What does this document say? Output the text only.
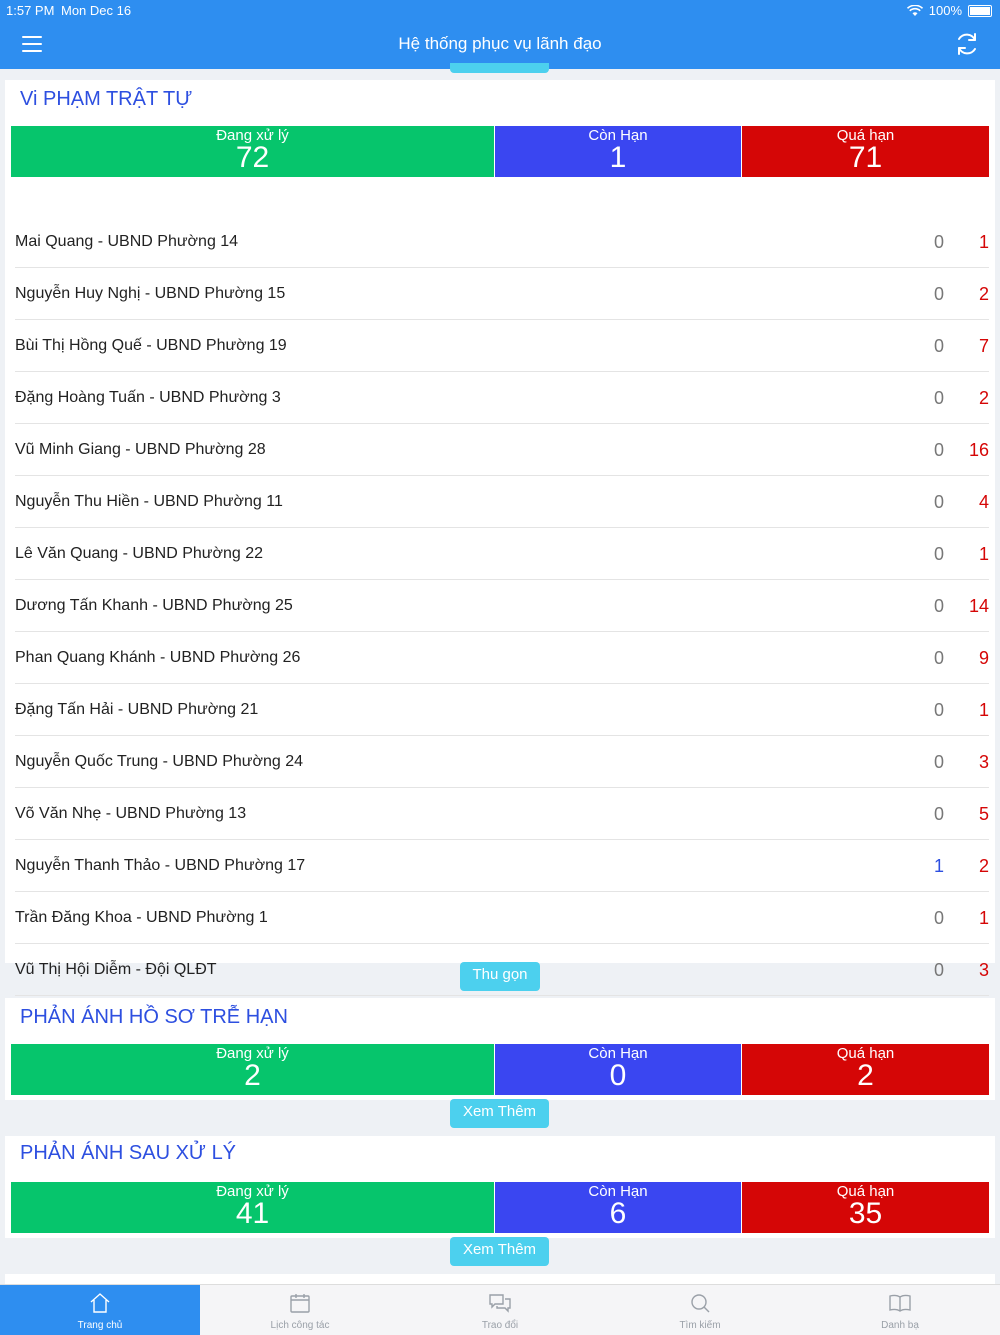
1:57 PM Mon Dec 16	100%
Hệ thống phục vụ lãnh đạo
Vi PHẠM TRẬT TỰ
Đang xử lý
72
Còn Hạn
1
Quá hạn
71
Mai Quang - UBND Phường 14	0 1
Nguyễn Huy Nghị - UBND Phường 15	0 2
Bùi Thị Hồng Quế - UBND Phường 19	0 7
Đặng Hoàng Tuấn - UBND Phường 3	0 2
Vũ Minh Giang - UBND Phường 28	0 16
Nguyễn Thu Hiền - UBND Phường 11	0 4
Lê Văn Quang - UBND Phường 22	0 1
Dương Tấn Khanh - UBND Phường 25	0 14
Phan Quang Khánh - UBND Phường 26	0 9
Đặng Tấn Hải - UBND Phường 21	0 1
Nguyễn Quốc Trung - UBND Phường 24	0 3
Võ Văn Nhẹ - UBND Phường 13	0 5
Nguyễn Thanh Thảo - UBND Phường 17	1 2
Trần Đăng Khoa - UBND Phường 1	0 1
Vũ Thị Hội Diễm - Đội QLĐT	0 3
Thu gọn
PHẢN ÁNH HỒ SƠ TRỄ HẠN
Đang xử lý
2
Còn Hạn
0
Quá hạn
2
Xem Thêm
PHẢN ÁNH SAU XỬ LÝ
Đang xử lý
41
Còn Hạn
6
Quá hạn
35
Xem Thêm
Trang chủ	Lịch công tác	Trao đổi	Tìm kiếm	Danh bạ
